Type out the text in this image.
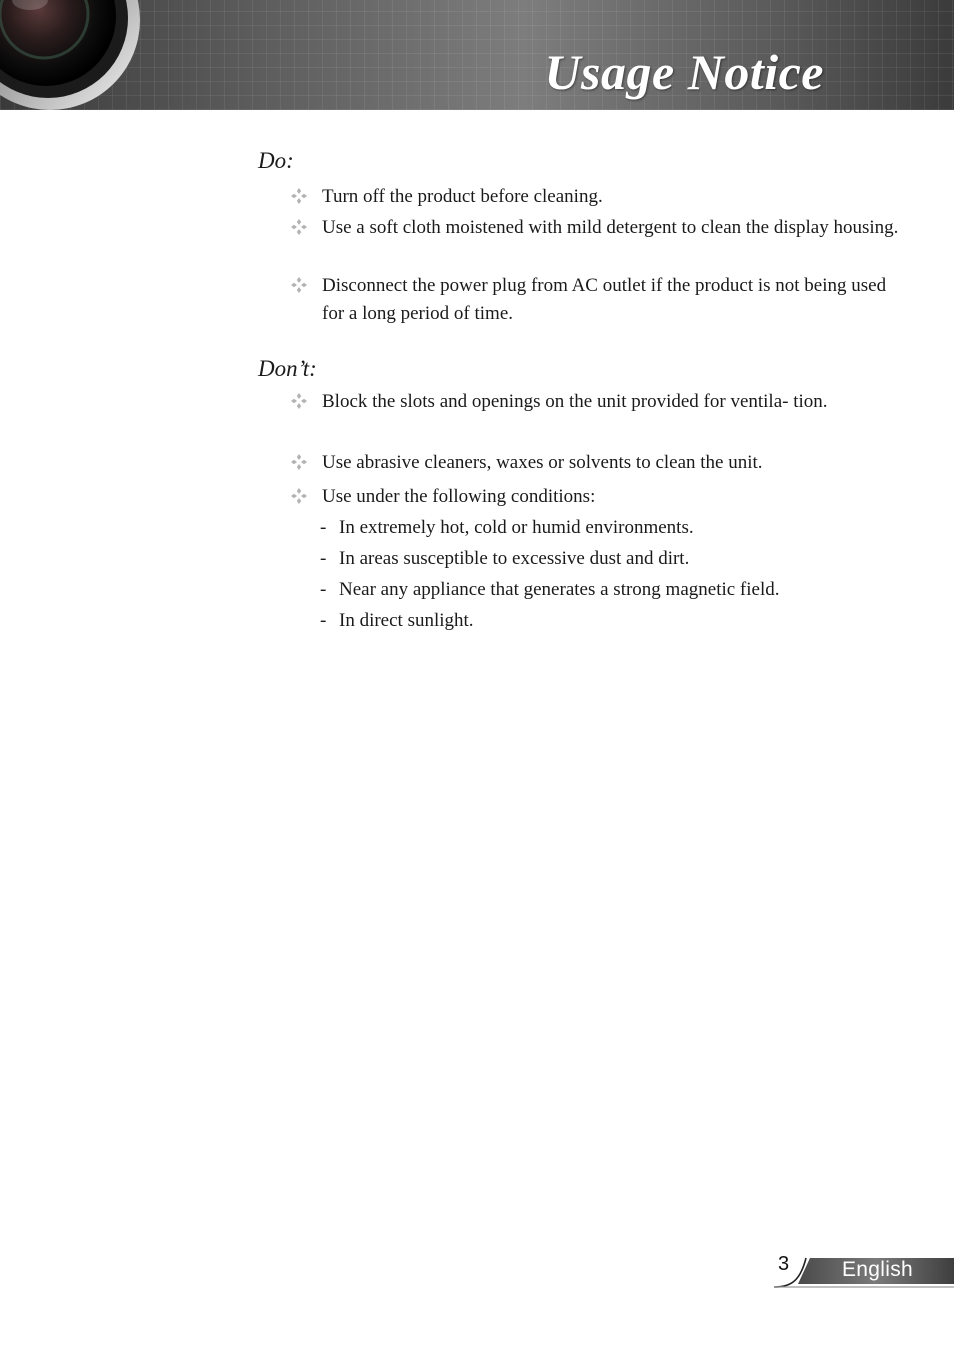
Usage Notice
Do:
Turn off the product before cleaning.
Use a soft cloth moistened with mild detergent to clean the display housing.
Disconnect the power plug from AC outlet if the product is not being used for a long period of time.
Don’t:
Block the slots and openings on the unit provided for ventila- tion.
Use abrasive cleaners, waxes or solvents to clean the unit.
Use under the following conditions:
- In extremely hot, cold or humid environments.
- In areas susceptible to excessive dust and dirt.
- Near any appliance that generates a strong magnetic field.
- In direct sunlight.
3	English
